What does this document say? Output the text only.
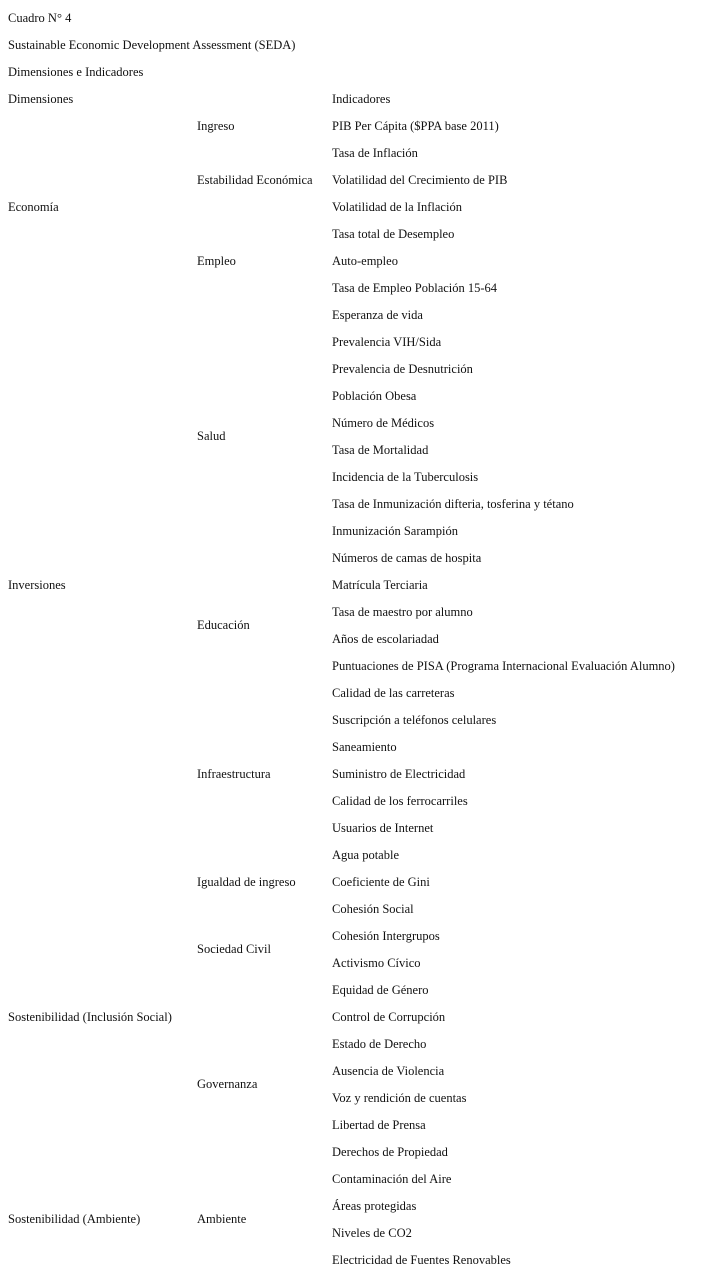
Cuadro N° 4
Sustainable Economic Development Assessment (SEDA)
Dimensiones e Indicadores
Dimensiones	Indicadores
Economía
Inversiones
Sostenibilidad (Inclusión Social)
Sostenibilidad (Ambiente)
Ingreso
Estabilidad Económica
Empleo
Salud
Educación
Infraestructura
Igualdad de ingreso
Sociedad Civil
Governanza
Ambiente
PIB Per Cápita ($PPA base 2011)
Tasa de Inflación
Volatilidad del Crecimiento de PIB
Volatilidad de la Inflación
Tasa total de Desempleo
Auto-empleo
Tasa de Empleo Población 15-64
Esperanza de vida
Prevalencia VIH/Sida
Prevalencia de Desnutrición
Población Obesa
Número de Médicos
Tasa de Mortalidad
Incidencia de la Tuberculosis
Tasa de Inmunización difteria, tosferina y tétano
Inmunización Sarampión
Números de camas de hospita
Matrícula Terciaria
Tasa de maestro por alumno
Años de escolariadad
Puntuaciones de PISA (Programa Internacional Evaluación Alumno)
Calidad de las carreteras
Suscripción a teléfonos celulares
Saneamiento
Suministro de Electricidad
Calidad de los ferrocarriles
Usuarios de Internet
Agua potable
Coeficiente de Gini
Cohesión Social
Cohesión Intergrupos
Activismo Cívico
Equidad de Género
Control de Corrupción
Estado de Derecho
Ausencia de Violencia
Voz y rendición de cuentas
Libertad de Prensa
Derechos de Propiedad
Contaminación del Aire
Áreas protegidas
Niveles de CO2
Electricidad de Fuentes Renovables
